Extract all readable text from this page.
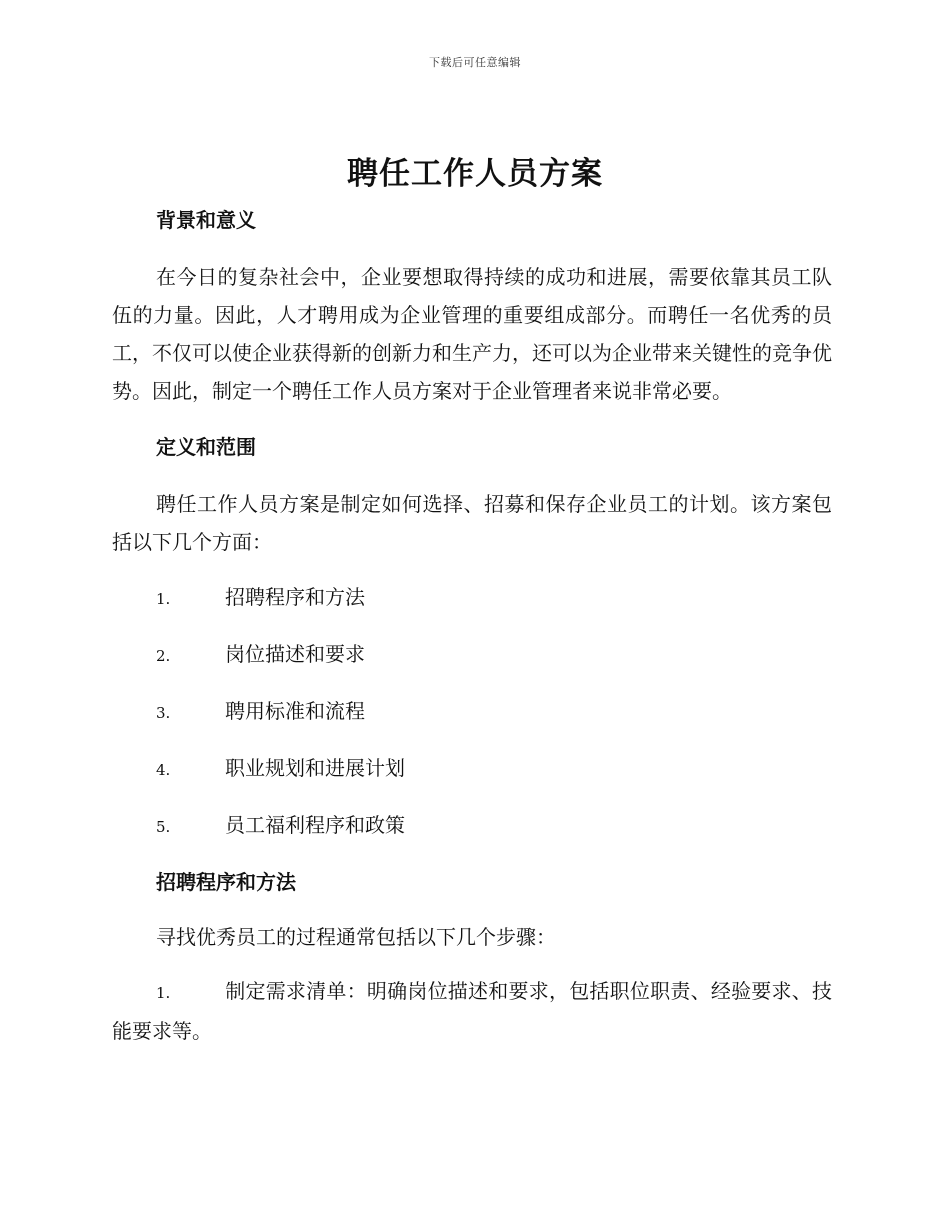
下载后可任意编辑
聘任工作人员方案
背景和意义

在今日的复杂社会中，企业要想取得持续的成功和进展，需要依靠其员工队伍的力量。因此，人才聘用成为企业管理的重要组成部分。而聘任一名优秀的员工，不仅可以使企业获得新的创新力和生产力，还可以为企业带来关键性的竞争优势。因此，制定一个聘任工作人员方案对于企业管理者来说非常必要。

定义和范围

聘任工作人员方案是制定如何选择、招募和保存企业员工的计划。该方案包括以下几个方面：

1.	招聘程序和方法
2.	岗位描述和要求
3.	聘用标准和流程
4.	职业规划和进展计划
5.	员工福利程序和政策
招聘程序和方法

寻找优秀员工的过程通常包括以下几个步骤：

1.	制定需求清单：明确岗位描述和要求，包括职位职责、经验要求、技能要求等。
